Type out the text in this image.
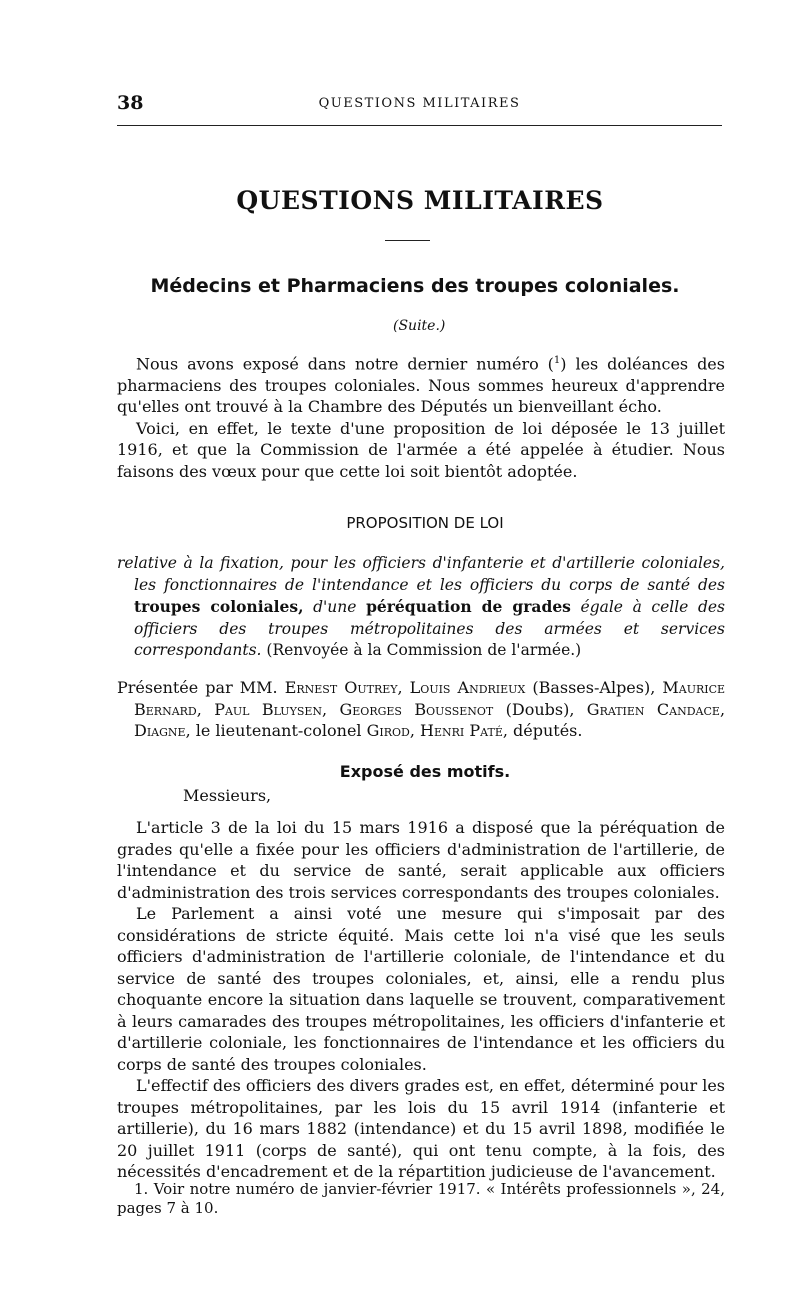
38	QUESTIONS MILITAIRES
QUESTIONS MILITAIRES
Médecins et Pharmaciens des troupes coloniales.
(Suite.)

Nous avons exposé dans notre dernier numéro ($^1$) les doléances des pharmaciens des troupes coloniales. Nous sommes heureux d'apprendre qu'elles ont trouvé à la Chambre des Députés un bienveillant écho.

Voici, en effet, le texte d'une proposition de loi déposée le 13 juillet 1916, et que la Commission de l'armée a été appelée à étudier. Nous faisons des vœux pour que cette loi soit bientôt adoptée.

PROPOSITION DE LOI
relative à la fixation, pour les officiers d'infanterie et d'artillerie coloniales, les fonctionnaires de l'intendance et les officiers du corps de santé des troupes coloniales, d'une péréquation de grades égale à celle des officiers des troupes métropolitaines des armées et services correspondants. (Renvoyée à la Commission de l'armée.)
Présentée par MM. Ernest Outrey, Louis Andrieux (Basses-Alpes), Maurice Bernard, Paul Bluysen, Georges Boussenot (Doubs), Gratien Candace, Diagne, le lieutenant-colonel Girod, Henri Paté, députés.
Exposé des motifs.
Messieurs,

L'article 3 de la loi du 15 mars 1916 a disposé que la péréquation de grades qu'elle a fixée pour les officiers d'administration de l'artillerie, de l'intendance et du service de santé, serait applicable aux officiers d'administration des trois services correspondants des troupes coloniales.

Le Parlement a ainsi voté une mesure qui s'imposait par des considérations de stricte équité. Mais cette loi n'a visé que les seuls officiers d'administration de l'artillerie coloniale, de l'intendance et du service de santé des troupes coloniales, et, ainsi, elle a rendu plus choquante encore la situation dans laquelle se trouvent, comparativement à leurs camarades des troupes métropolitaines, les officiers d'infanterie et d'artillerie coloniale, les fonctionnaires de l'intendance et les officiers du corps de santé des troupes coloniales.

L'effectif des officiers des divers grades est, en effet, déterminé pour les troupes métropolitaines, par les lois du 15 avril 1914 (infanterie et artillerie), du 16 mars 1882 (intendance) et du 15 avril 1898, modifiée le 20 juillet 1911 (corps de santé), qui ont tenu compte, à la fois, des nécessités d'encadrement et de la répartition judicieuse de l'avancement.

1. Voir notre numéro de janvier-février 1917. « Intérêts professionnels », 24, pages 7 à 10.
